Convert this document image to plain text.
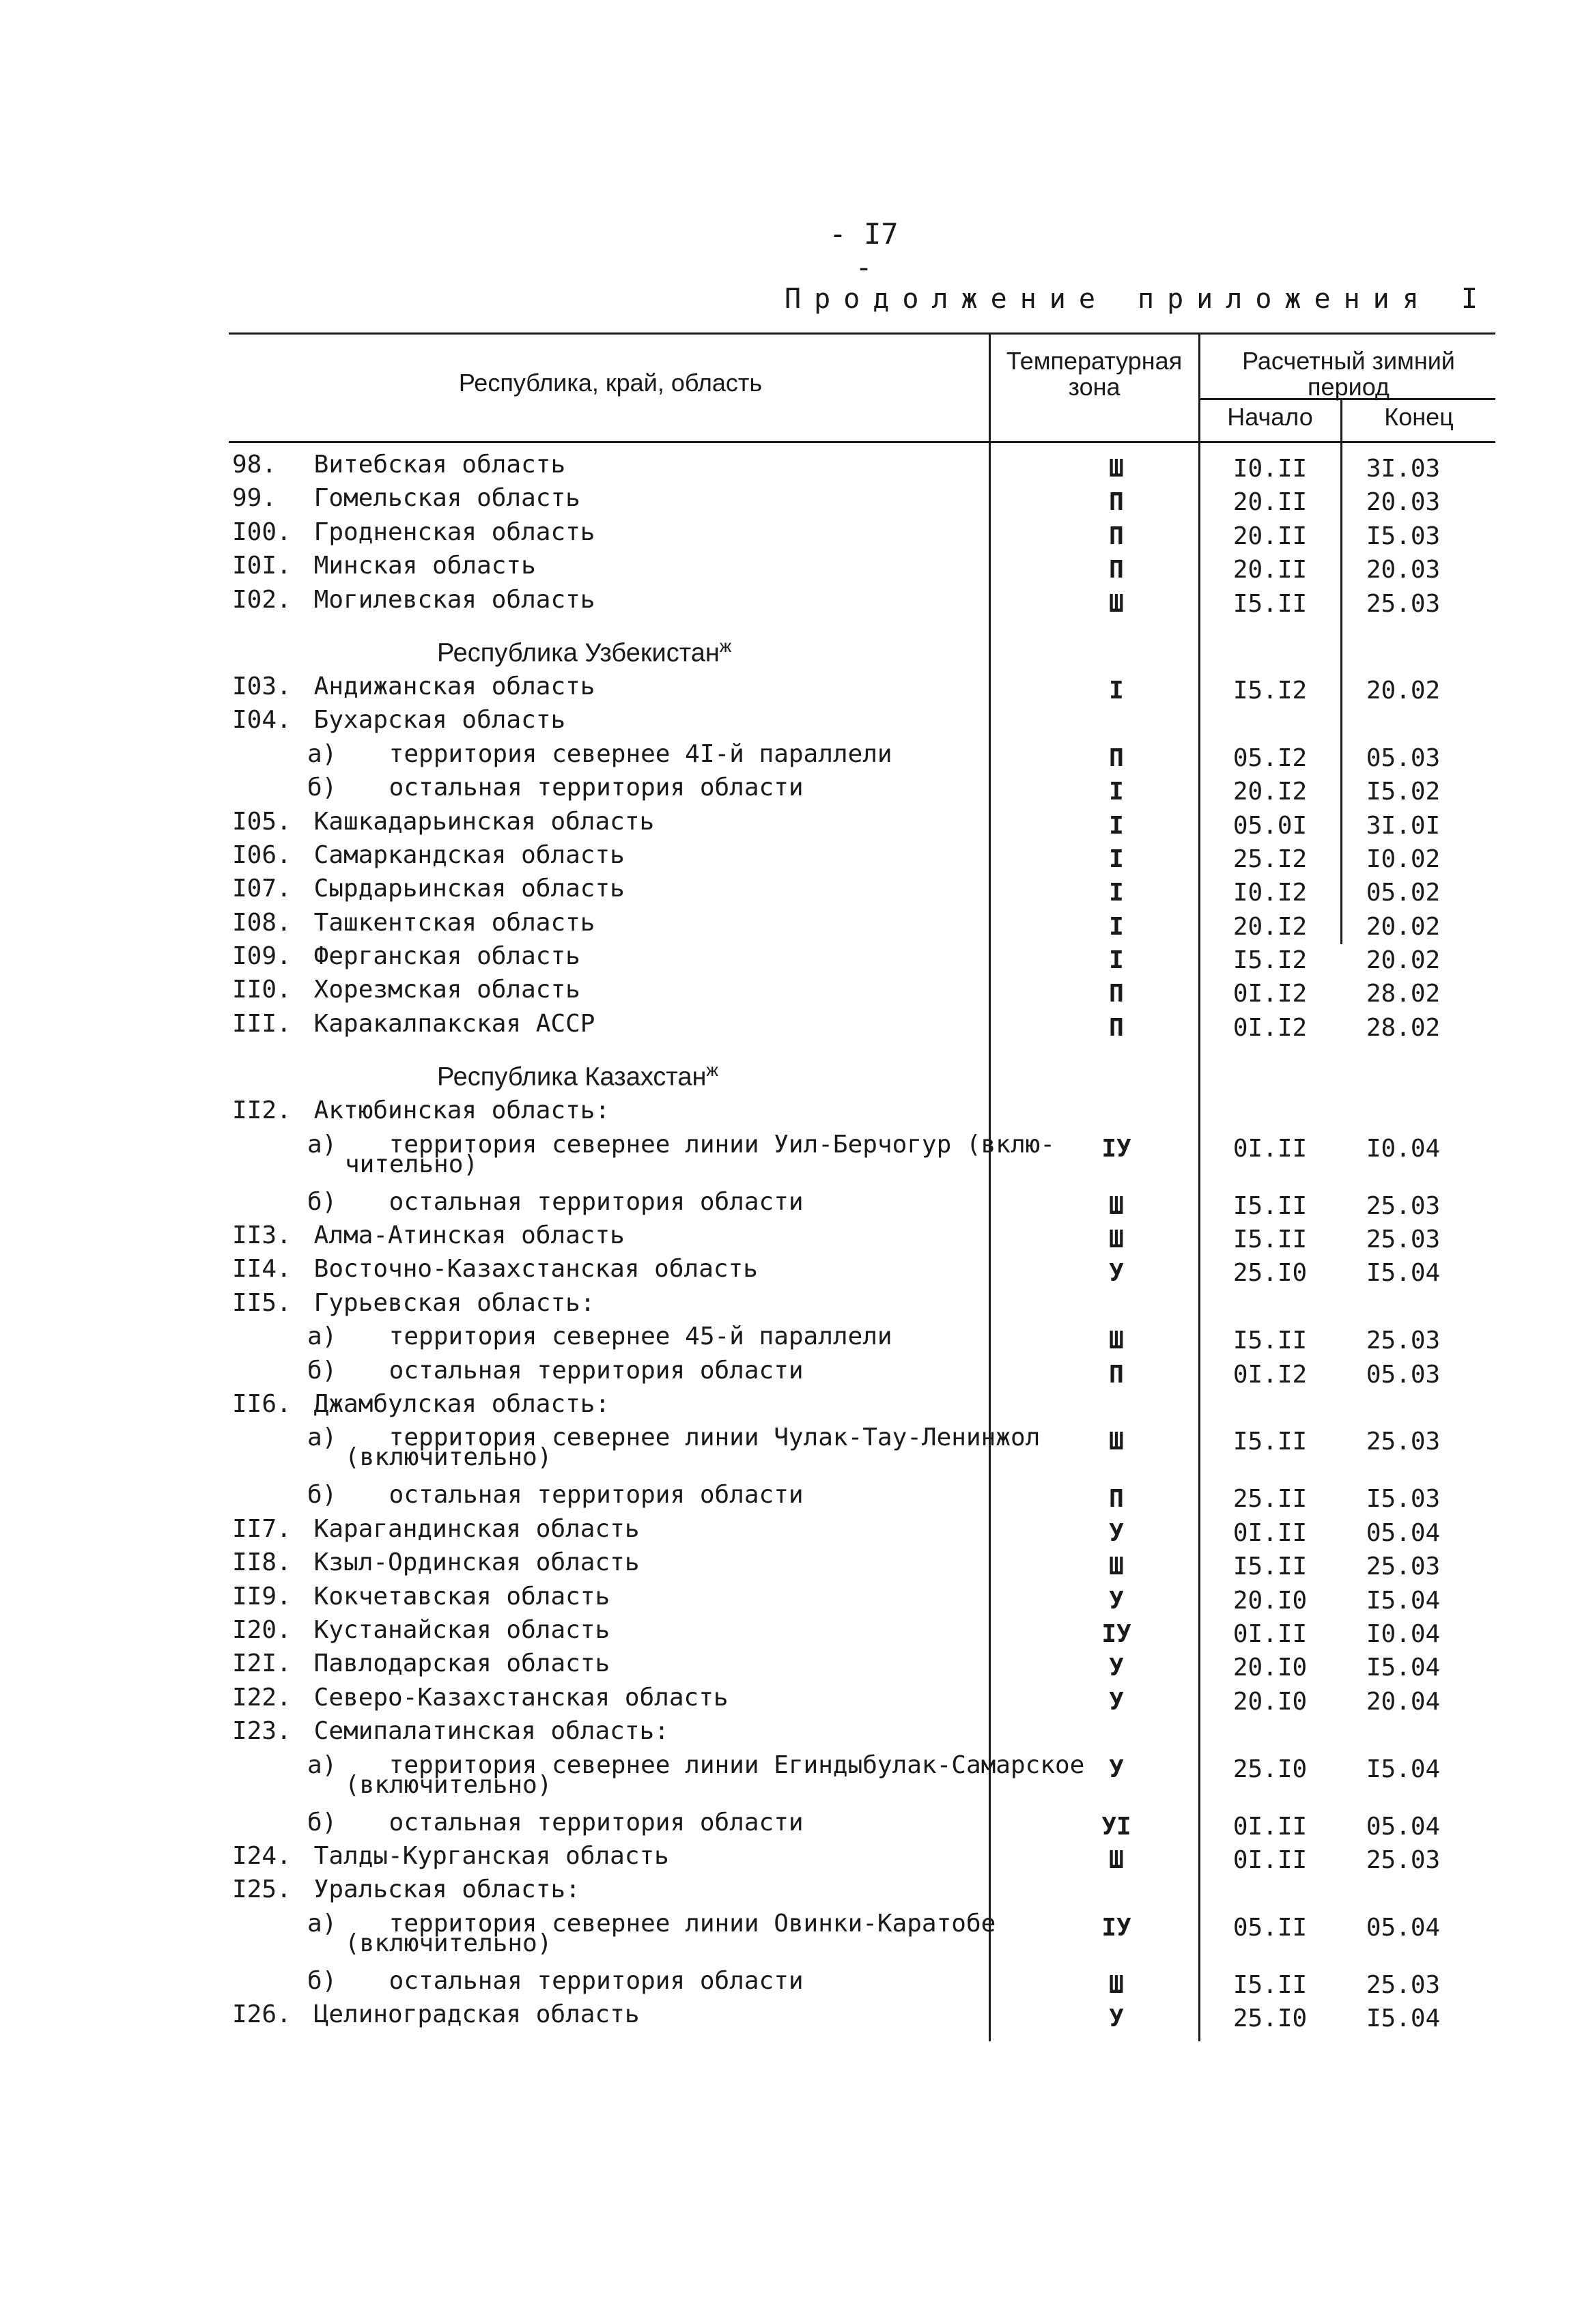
- I7 -
Продолжение приложения I
Республика, край, область
Температурная зона
Расчетный зимний период
Начало	Конец
98. Витебская область	Ш	I0.II	3I.03
99. Гомельская область	П	20.II	20.03
I00. Гродненская область	П	20.II	I5.03
I0I. Минская область	П	20.II	20.03
I02. Могилевская область	Ш	I5.II	25.03
Республика Узбекистан$^ж$
I03. Андижанская область	I	I5.I2	20.02
I04. Бухарская область
а) территория севернее 4I-й параллели	П	05.I2	05.03
б) остальная территория области	I	20.I2	I5.02
I05. Кашкадарьинская область	I	05.0I	3I.0I
I06. Самаркандская область	I	25.I2	I0.02
I07. Сырдарьинская область	I	I0.I2	05.02
I08. Ташкентская область	I	20.I2	20.02
I09. Ферганская область	I	I5.I2	20.02
II0. Хорезмская область	П	0I.I2	28.02
III. Каракалпакская АССР	П	0I.I2	28.02
Республика Казахстан$^ж$
II2. Актюбинская область:
а) территория севернее линии Уил-Берчогур (вклю-
чительно)
IУ	0I.II	I0.04
б) остальная территория области	Ш	I5.II	25.03
II3. Алма-Атинская область	Ш	I5.II	25.03
II4. Восточно-Казахстанская область	У	25.I0	I5.04
II5. Гурьевская область:
а) территория севернее 45-й параллели	Ш	I5.II	25.03
б) остальная территория области	П	0I.I2	05.03
II6. Джамбулская область:
а) территория севернее линии Чулак-Тау-Ленинжол
(включительно)
Ш	I5.II	25.03
б) остальная территория области	П	25.II	I5.03
II7. Карагандинская область	У	0I.II	05.04
II8. Кзыл-Ординская область	Ш	I5.II	25.03
II9. Кокчетавская область	У	20.I0	I5.04
I20. Кустанайская область	IУ	0I.II	I0.04
I2I. Павлодарская область	У	20.I0	I5.04
I22. Северо-Казахстанская область	У	20.I0	20.04
I23. Семипалатинская область:
а) территория севернее линии Егиндыбулак-Самарское
(включительно)
У	25.I0	I5.04
б) остальная территория области	УI	0I.II	05.04
I24. Талды-Курганская область	Ш	0I.II	25.03
I25. Уральская область:
а) территория севернее линии Овинки-Каратобе
(включительно)
IУ	05.II	05.04
б) остальная территория области	Ш	I5.II	25.03
I26. Целиноградская область	У	25.I0	I5.04
